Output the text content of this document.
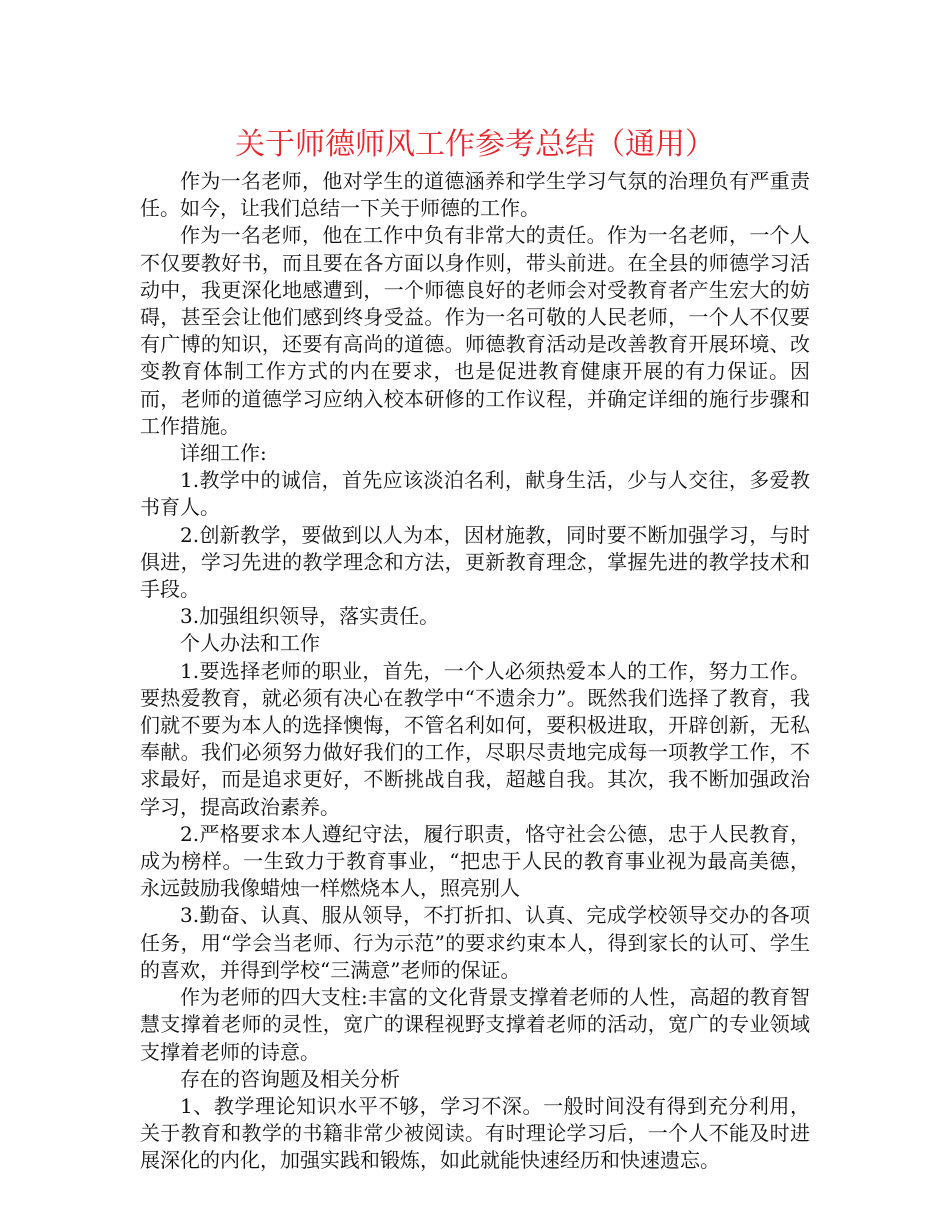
关于师德师风工作参考总结（通用）

作为一名老师，他对学生的道德涵养和学生学习气氛的治理负有严重责任。如今，让我们总结一下关于师德的工作。

作为一名老师，他在工作中负有非常大的责任。作为一名老师，一个人不仅要教好书，而且要在各方面以身作则，带头前进。在全县的师德学习活动中，我更深化地感遭到，一个师德良好的老师会对受教育者产生宏大的妨碍，甚至会让他们感到终身受益。作为一名可敬的人民老师，一个人不仅要有广博的知识，还要有高尚的道德。师德教育活动是改善教育开展环境、改变教育体制工作方式的内在要求，也是促进教育健康开展的有力保证。因而，老师的道德学习应纳入校本研修的工作议程，并确定详细的施行步骤和工作措施。

详细工作:

1.教学中的诚信，首先应该淡泊名利，献身生活，少与人交往，多爱教书育人。

2.创新教学，要做到以人为本，因材施教，同时要不断加强学习，与时俱进，学习先进的教学理念和方法，更新教育理念，掌握先进的教学技术和手段。

3.加强组织领导，落实责任。

个人办法和工作

1.要选择老师的职业，首先，一个人必须热爱本人的工作，努力工作。要热爱教育，就必须有决心在教学中“不遗余力”。既然我们选择了教育，我们就不要为本人的选择懊悔，不管名利如何，要积极进取，开辟创新，无私奉献。我们必须努力做好我们的工作，尽职尽责地完成每一项教学工作，不求最好，而是追求更好，不断挑战自我，超越自我。其次，我不断加强政治学习，提高政治素养。

2.严格要求本人遵纪守法，履行职责，恪守社会公德，忠于人民教育，成为榜样。一生致力于教育事业，“把忠于人民的教育事业视为最高美德，永远鼓励我像蜡烛一样燃烧本人，照亮别人

3.勤奋、认真、服从领导，不打折扣、认真、完成学校领导交办的各项任务，用“学会当老师、行为示范”的要求约束本人，得到家长的认可、学生的喜欢，并得到学校“三满意”老师的保证。

作为老师的四大支柱:丰富的文化背景支撑着老师的人性，高超的教育智慧支撑着老师的灵性，宽广的课程视野支撑着老师的活动，宽广的专业领域支撑着老师的诗意。

存在的咨询题及相关分析

1、教学理论知识水平不够，学习不深。一般时间没有得到充分利用，关于教育和教学的书籍非常少被阅读。有时理论学习后，一个人不能及时进展深化的内化，加强实践和锻炼，如此就能快速经历和快速遗忘。
